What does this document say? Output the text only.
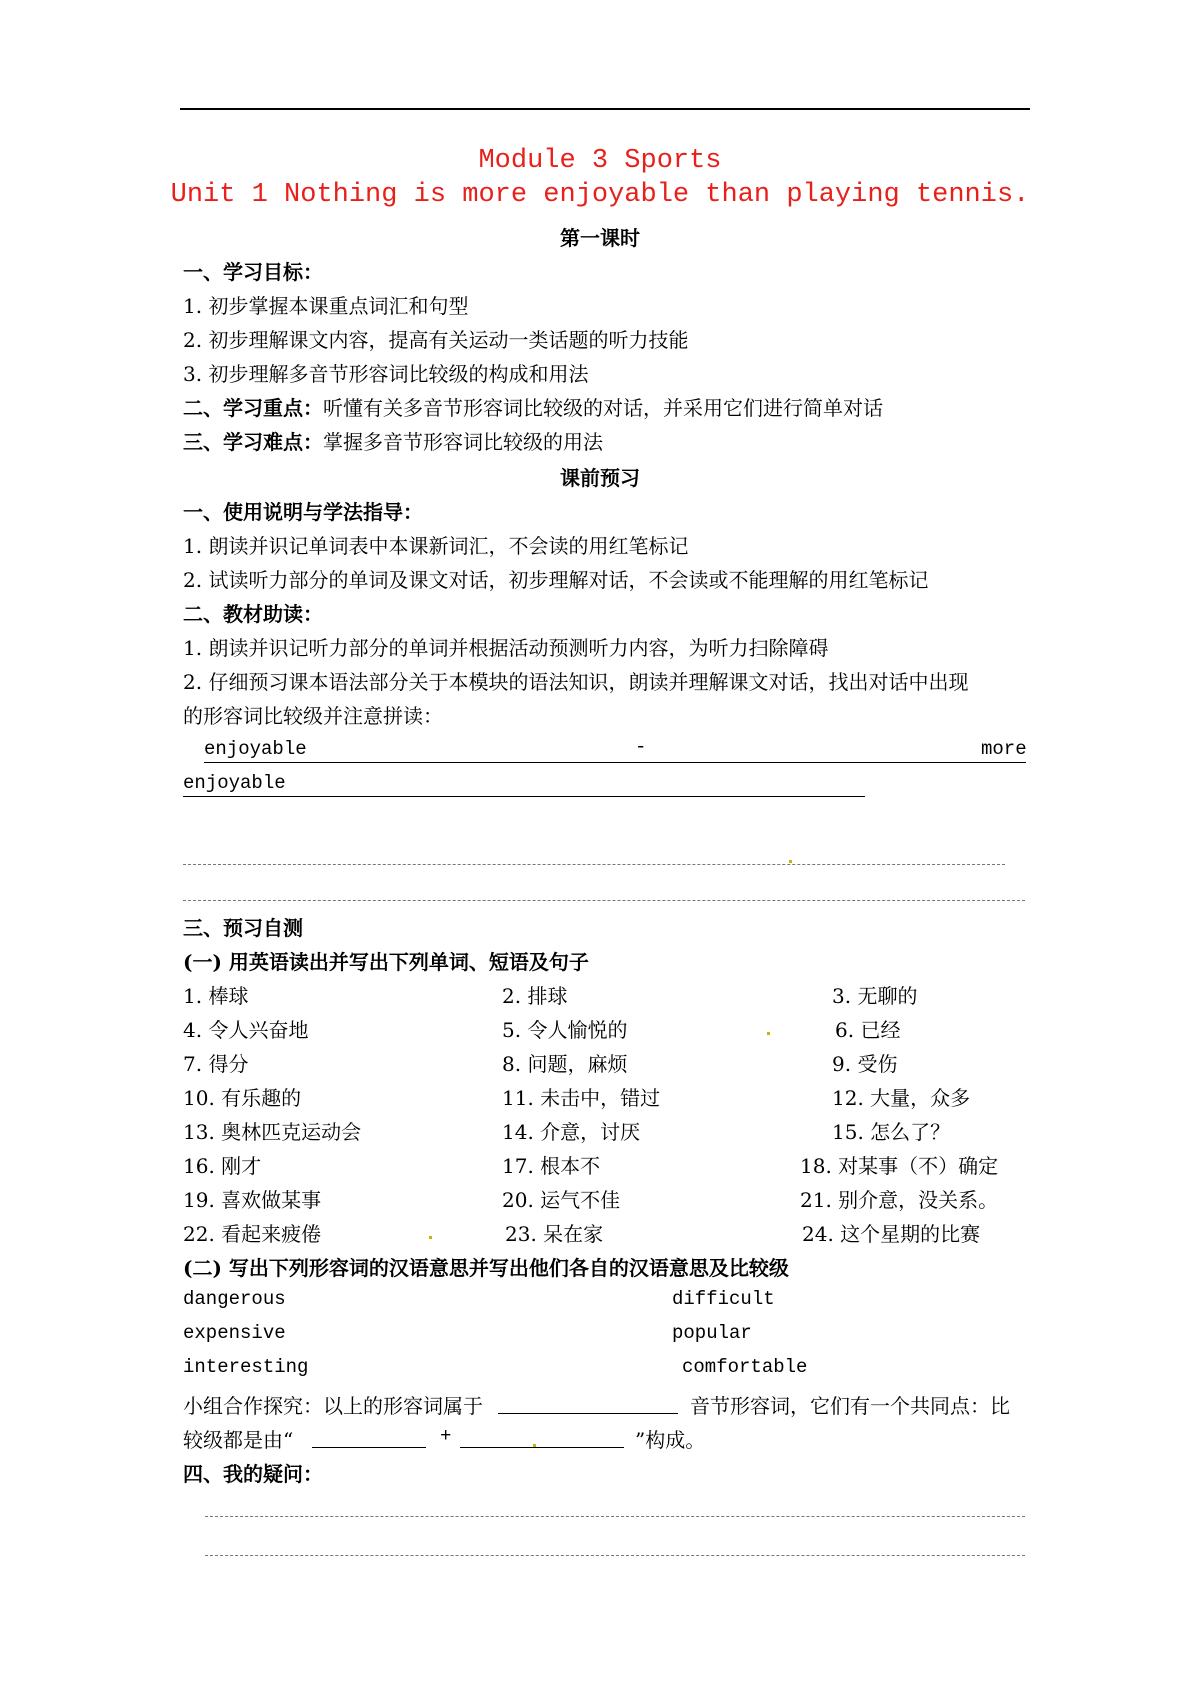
Module 3 Sports
Unit 1 Nothing is more enjoyable than playing tennis.
第一课时
一、学习目标：
1. 初步掌握本课重点词汇和句型
2. 初步理解课文内容，提高有关运动一类话题的听力技能
3. 初步理解多音节形容词比较级的构成和用法
二、学习重点：听懂有关多音节形容词比较级的对话，并采用它们进行简单对话
三、学习难点：掌握多音节形容词比较级的用法
课前预习
一、使用说明与学法指导：
1. 朗读并识记单词表中本课新词汇，不会读的用红笔标记
2. 试读听力部分的单词及课文对话，初步理解对话，不会读或不能理解的用红笔标记
二、教材助读：
1. 朗读并识记听力部分的单词并根据活动预测听力内容，为听力扫除障碍
2. 仔细预习课本语法部分关于本模块的语法知识，朗读并理解课文对话，找出对话中出现
的形容词比较级并注意拼读：
enjoyable	-	more
enjoyable
三、预习自测
(一) 用英语读出并写出下列单词、短语及句子
1. 棒球	2. 排球	3. 无聊的
4. 令人兴奋地	5. 令人愉悦的	6. 已经
7. 得分	8. 问题，麻烦	9. 受伤
10. 有乐趣的	11. 未击中，错过	12. 大量，众多
13. 奥林匹克运动会	14. 介意，讨厌	15. 怎么了？
16. 刚才	17. 根本不	18. 对某事（不）确定
19. 喜欢做某事	20. 运气不佳	21. 别介意，没关系。
22. 看起来疲倦	23. 呆在家	24. 这个星期的比赛
(二) 写出下列形容词的汉语意思并写出他们各自的汉语意思及比较级
dangerous	difficult
expensive	popular
interesting	comfortable
小组合作探究：以上的形容词属于	音节形容词，它们有一个共同点：比
较级都是由“	+	”构成。
四、我的疑问：
